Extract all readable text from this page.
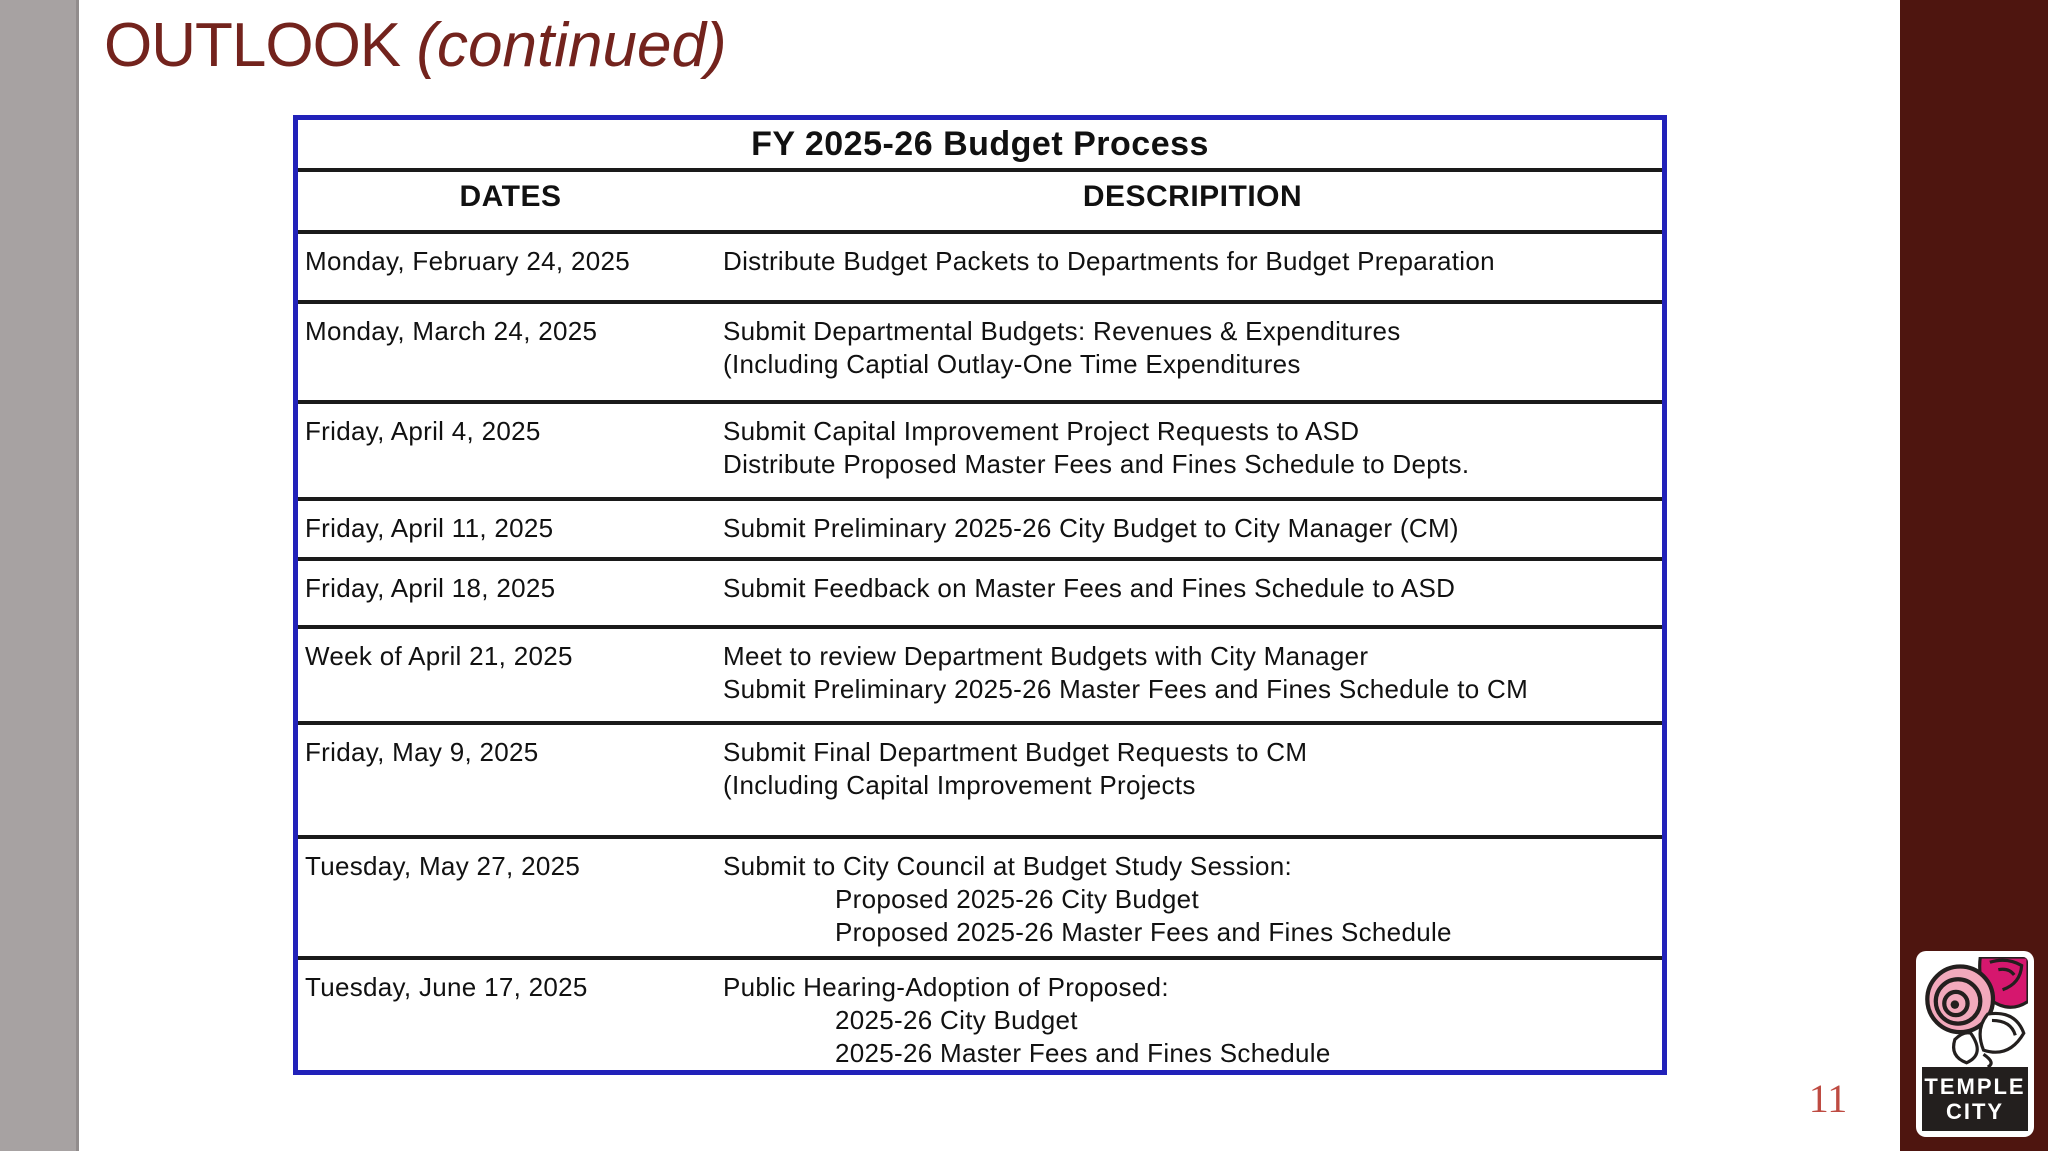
OUTLOOK (continued)
FY 2025-26 Budget Process
DATES	DESCRIPITION
Monday, February 24, 2025	Distribute Budget Packets to Departments for Budget Preparation
Monday, March 24, 2025	Submit Departmental Budgets: Revenues & Expenditures
(Including Captial Outlay-One Time Expenditures
Friday, April 4, 2025	Submit Capital Improvement Project Requests to ASD
Distribute Proposed Master Fees and Fines Schedule to Depts.
Friday, April 11, 2025	Submit Preliminary 2025-26 City Budget to City Manager (CM)
Friday, April 18, 2025	Submit Feedback on Master Fees and Fines Schedule to ASD
Week of April 21, 2025	Meet to review Department Budgets with City Manager
Submit Preliminary 2025-26 Master Fees and Fines Schedule to CM
Friday, May 9, 2025	Submit Final Department Budget Requests to CM
(Including Capital Improvement Projects
Tuesday, May 27, 2025	Submit to City Council at Budget Study Session:
Proposed 2025-26 City Budget
Proposed 2025-26 Master Fees and Fines Schedule
Tuesday, June 17, 2025	Public Hearing-Adoption of Proposed:
2025-26 City Budget
2025-26 Master Fees and Fines Schedule
11	TEMPLE
CITY
